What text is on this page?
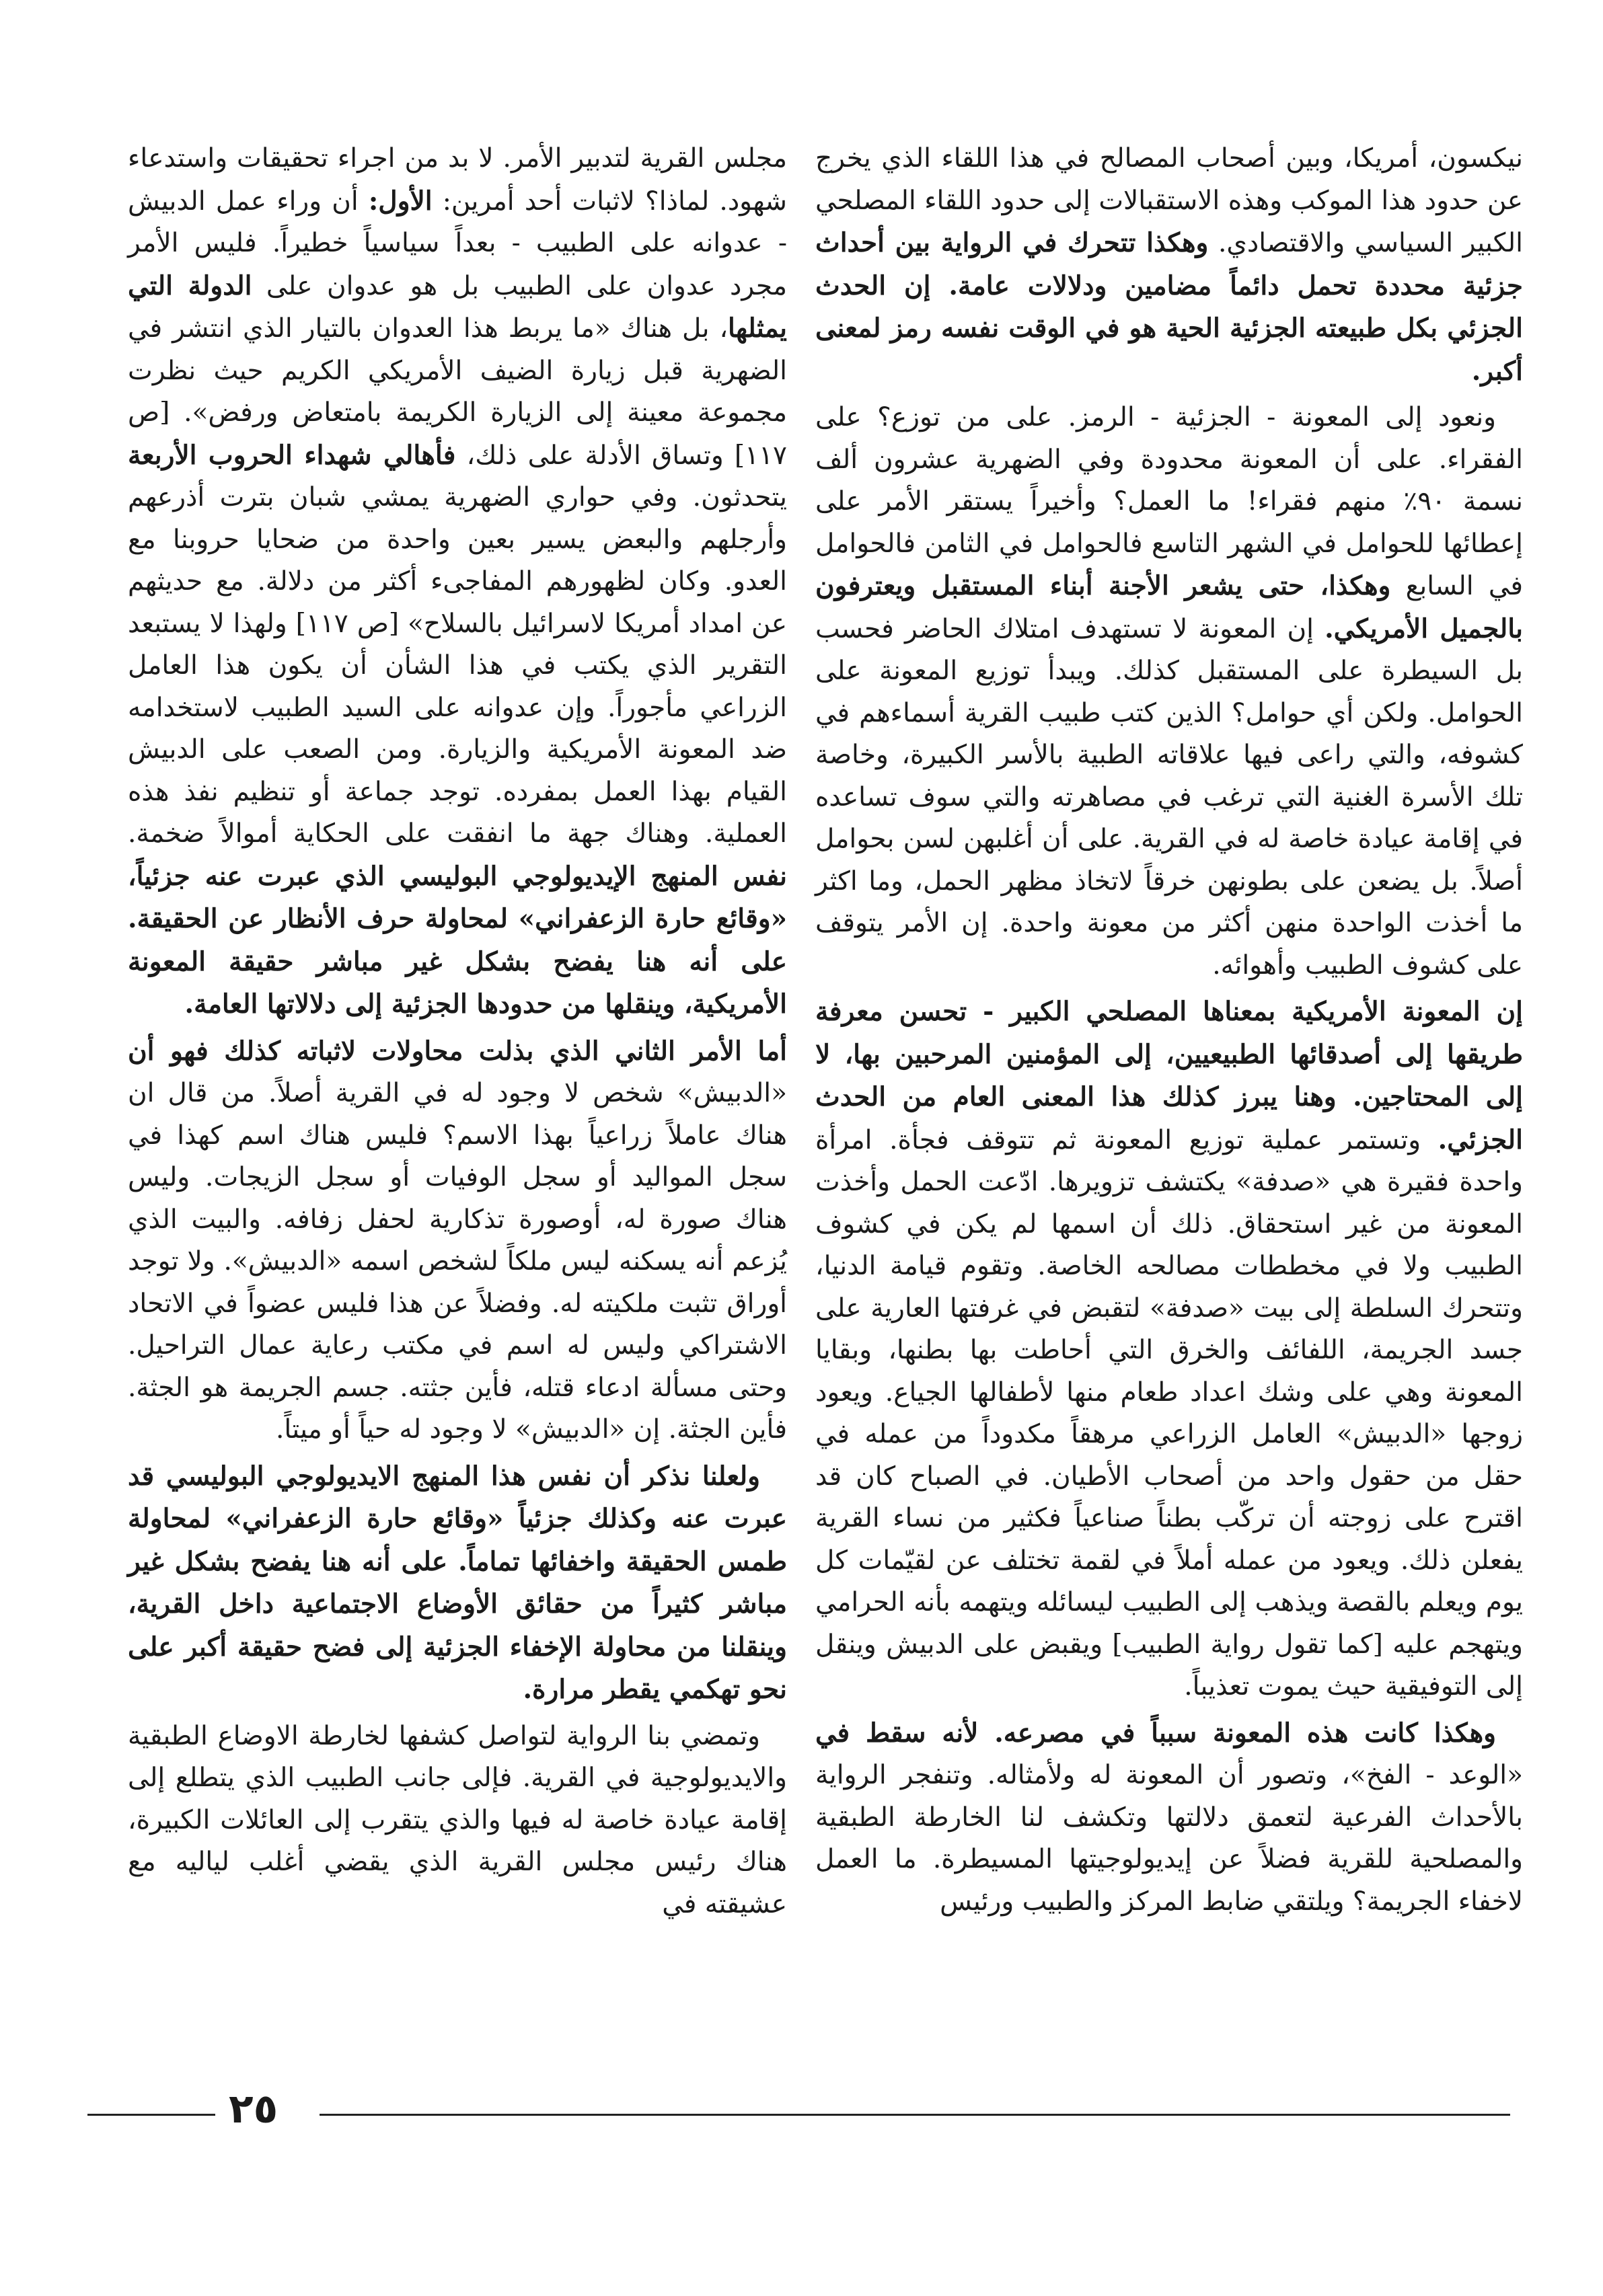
نيكسون، أمريكا، وبين أصحاب المصالح في هذا اللقاء الذي يخرج عن حدود هذا الموكب وهذه الاستقبالات إلى حدود اللقاء المصلحي الكبير السياسي والاقتصادي. وهكذا تتحرك في الرواية بين أحداث جزئية محددة تحمل دائماً مضامين ودلالات عامة. إن الحدث الجزئي بكل طبيعته الجزئية الحية هو في الوقت نفسه رمز لمعنى أكبر.

ونعود إلى المعونة - الجزئية - الرمز. على من توزع؟ على الفقراء. على أن المعونة محدودة وفي الضهرية عشرون ألف نسمة ٩٠٪ منهم فقراء! ما العمل؟ وأخيراً يستقر الأمر على إعطائها للحوامل في الشهر التاسع فالحوامل في الثامن فالحوامل في السابع وهكذا، حتى يشعر الأجنة أبناء المستقبل ويعترفون بالجميل الأمريكي. إن المعونة لا تستهدف امتلاك الحاضر فحسب بل السيطرة على المستقبل كذلك. ويبدأ توزيع المعونة على الحوامل. ولكن أي حوامل؟ الذين كتب طبيب القرية أسماءهم في كشوفه، والتي راعى فيها علاقاته الطبية بالأسر الكبيرة، وخاصة تلك الأسرة الغنية التي ترغب في مصاهرته والتي سوف تساعده في إقامة عيادة خاصة له في القرية. على أن أغلبهن لسن بحوامل أصلاً. بل يضعن على بطونهن خرقاً لاتخاذ مظهر الحمل، وما اكثر ما أخذت الواحدة منهن أكثر من معونة واحدة. إن الأمر يتوقف على كشوف الطبيب وأهوائه.

إن المعونة الأمريكية بمعناها المصلحي الكبير - تحسن معرفة طريقها إلى أصدقائها الطبيعيين، إلى المؤمنين المرحبين بها، لا إلى المحتاجين. وهنا يبرز كذلك هذا المعنى العام من الحدث الجزئي. وتستمر عملية توزيع المعونة ثم تتوقف فجأة. امرأة واحدة فقيرة هي «صدفة» يكتشف تزويرها. ادّعت الحمل وأخذت المعونة من غير استحقاق. ذلك أن اسمها لم يكن في كشوف الطبيب ولا في مخططات مصالحه الخاصة. وتقوم قيامة الدنيا، وتتحرك السلطة إلى بيت «صدفة» لتقبض في غرفتها العارية على جسد الجريمة، اللفائف والخرق التي أحاطت بها بطنها، وبقايا المعونة وهي على وشك اعداد طعام منها لأطفالها الجياع. ويعود زوجها «الدبيش» العامل الزراعي مرهقاً مكدوداً من عمله في حقل من حقول واحد من أصحاب الأطيان. في الصباح كان قد اقترح على زوجته أن تركّب بطناً صناعياً فكثير من نساء القرية يفعلن ذلك. ويعود من عمله أملاً في لقمة تختلف عن لقيّمات كل يوم ويعلم بالقصة ويذهب إلى الطبيب ليسائله ويتهمه بأنه الحرامي ويتهجم عليه [كما تقول رواية الطبيب] ويقبض على الدبيش وينقل إلى التوفيقية حيث يموت تعذيباً.

وهكذا كانت هذه المعونة سبباً في مصرعه. لأنه سقط في «الوعد - الفخ»، وتصور أن المعونة له ولأمثاله. وتنفجر الرواية بالأحداث الفرعية لتعمق دلالتها وتكشف لنا الخارطة الطبقية والمصلحية للقرية فضلاً عن إيديولوجيتها المسيطرة. ما العمل لاخفاء الجريمة؟ ويلتقي ضابط المركز والطبيب ورئيس

مجلس القرية لتدبير الأمر. لا بد من اجراء تحقيقات واستدعاء شهود. لماذا؟ لاثبات أحد أمرين: الأول: أن وراء عمل الدبيش - عدوانه على الطبيب - بعداً سياسياً خطيراً. فليس الأمر مجرد عدوان على الطبيب بل هو عدوان على الدولة التي يمثلها، بل هناك «ما يربط هذا العدوان بالتيار الذي انتشر في الضهرية قبل زيارة الضيف الأمريكي الكريم حيث نظرت مجموعة معينة إلى الزيارة الكريمة بامتعاض ورفض». [ص ١١٧] وتساق الأدلة على ذلك، فأهالي شهداء الحروب الأربعة يتحدثون. وفي حواري الضهرية يمشي شبان بترت أذرعهم وأرجلهم والبعض يسير بعين واحدة من ضحايا حروبنا مع العدو. وكان لظهورهم المفاجىء أكثر من دلالة. مع حديثهم عن امداد أمريكا لاسرائيل بالسلاح» [ص ١١٧] ولهذا لا يستبعد التقرير الذي يكتب في هذا الشأن أن يكون هذا العامل الزراعي مأجوراً. وإن عدوانه على السيد الطبيب لاستخدامه ضد المعونة الأمريكية والزيارة. ومن الصعب على الدبيش القيام بهذا العمل بمفرده. توجد جماعة أو تنظيم نفذ هذه العملية. وهناك جهة ما انفقت على الحكاية أموالاً ضخمة. نفس المنهج الإيديولوجي البوليسي الذي عبرت عنه جزئياً، «وقائع حارة الزعفراني» لمحاولة حرف الأنظار عن الحقيقة. على أنه هنا يفضح بشكل غير مباشر حقيقة المعونة الأمريكية، وينقلها من حدودها الجزئية إلى دلالاتها العامة.

أما الأمر الثاني الذي بذلت محاولات لاثباته كذلك فهو أن «الدبيش» شخص لا وجود له في القرية أصلاً. من قال ان هناك عاملاً زراعياً بهذا الاسم؟ فليس هناك اسم كهذا في سجل المواليد أو سجل الوفيات أو سجل الزيجات. وليس هناك صورة له، أوصورة تذكارية لحفل زفافه. والبيت الذي يُزعم أنه يسكنه ليس ملكاً لشخص اسمه «الدبيش». ولا توجد أوراق تثبت ملكيته له. وفضلاً عن هذا فليس عضواً في الاتحاد الاشتراكي وليس له اسم في مكتب رعاية عمال التراحيل. وحتى مسألة ادعاء قتله، فأين جثته. جسم الجريمة هو الجثة. فأين الجثة. إن «الدبيش» لا وجود له حياً أو ميتاً.

ولعلنا نذكر أن نفس هذا المنهج الايديولوجي البوليسي قد عبرت عنه وكذلك جزئياً «وقائع حارة الزعفراني» لمحاولة طمس الحقيقة واخفائها تماماً. على أنه هنا يفضح بشكل غير مباشر كثيراً من حقائق الأوضاع الاجتماعية داخل القرية، وينقلنا من محاولة الإخفاء الجزئية إلى فضح حقيقة أكبر على نحو تهكمي يقطر مرارة.

وتمضي بنا الرواية لتواصل كشفها لخارطة الاوضاع الطبقية والايديولوجية في القرية. فإلى جانب الطبيب الذي يتطلع إلى إقامة عيادة خاصة له فيها والذي يتقرب إلى العائلات الكبيرة، هناك رئيس مجلس القرية الذي يقضي أغلب لياليه مع عشيقته في

٢٥
